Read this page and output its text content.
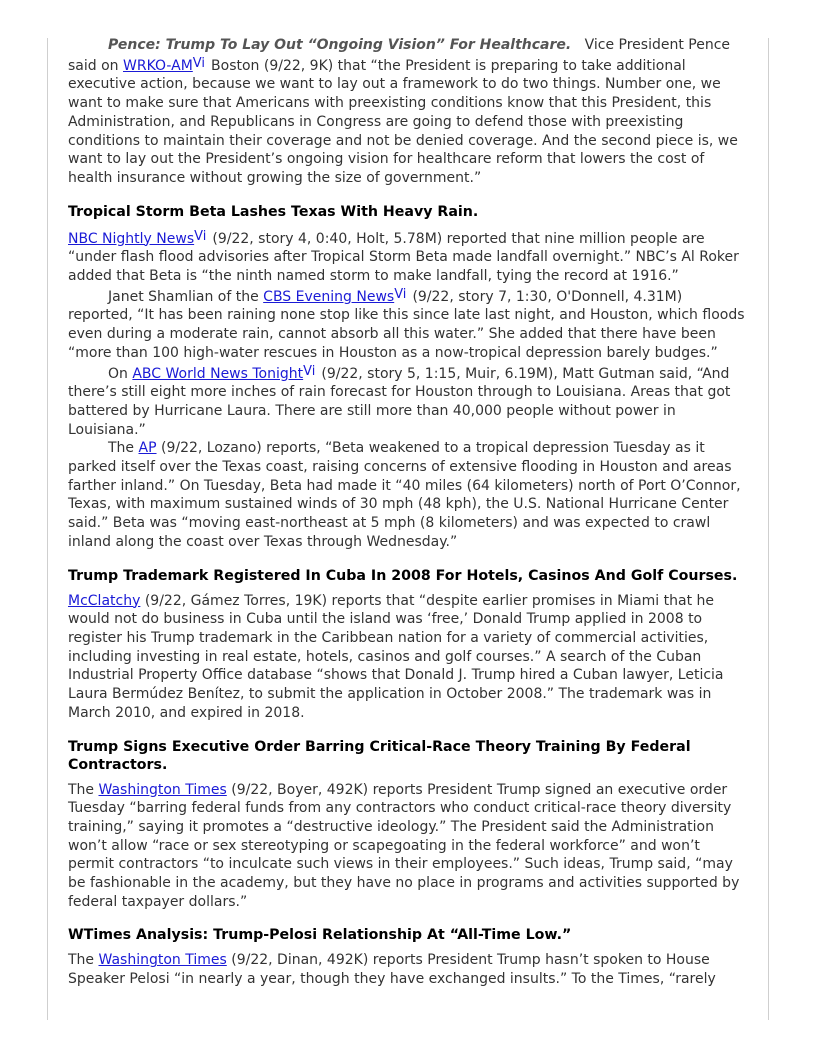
Pence: Trump To Lay Out “Ongoing Vision” For Healthcare. Vice President Pence said on WRKO-AMVi Boston (9/22, 9K) that “the President is preparing to take additional executive action, because we want to lay out a framework to do two things. Number one, we want to make sure that Americans with preexisting conditions know that this President, this Administration, and Republicans in Congress are going to defend those with preexisting conditions to maintain their coverage and not be denied coverage. And the second piece is, we want to lay out the President’s ongoing vision for healthcare reform that lowers the cost of health insurance without growing the size of government.”

Tropical Storm Beta Lashes Texas With Heavy Rain.

NBC Nightly NewsVi (9/22, story 4, 0:40, Holt, 5.78M) reported that nine million people are “under flash flood advisories after Tropical Storm Beta made landfall overnight.” NBC’s Al Roker added that Beta is “the ninth named storm to make landfall, tying the record at 1916.”

Janet Shamlian of the CBS Evening NewsVi (9/22, story 7, 1:30, O'Donnell, 4.31M) reported, “It has been raining none stop like this since late last night, and Houston, which floods even during a moderate rain, cannot absorb all this water.” She added that there have been “more than 100 high-water rescues in Houston as a now-tropical depression barely budges.”

On ABC World News TonightVi (9/22, story 5, 1:15, Muir, 6.19M), Matt Gutman said, “And there’s still eight more inches of rain forecast for Houston through to Louisiana. Areas that got battered by Hurricane Laura. There are still more than 40,000 people without power in Louisiana.”

The AP (9/22, Lozano) reports, “Beta weakened to a tropical depression Tuesday as it parked itself over the Texas coast, raising concerns of extensive flooding in Houston and areas farther inland.” On Tuesday, Beta had made it “40 miles (64 kilometers) north of Port O’Connor, Texas, with maximum sustained winds of 30 mph (48 kph), the U.S. National Hurricane Center said.” Beta was “moving east-northeast at 5 mph (8 kilometers) and was expected to crawl inland along the coast over Texas through Wednesday.”

Trump Trademark Registered In Cuba In 2008 For Hotels, Casinos And Golf Courses.

McClatchy (9/22, Gámez Torres, 19K) reports that “despite earlier promises in Miami that he would not do business in Cuba until the island was ‘free,’ Donald Trump applied in 2008 to register his Trump trademark in the Caribbean nation for a variety of commercial activities, including investing in real estate, hotels, casinos and golf courses.” A search of the Cuban Industrial Property Office database “shows that Donald J. Trump hired a Cuban lawyer, Leticia Laura Bermúdez Benítez, to submit the application in October 2008.” The trademark was in March 2010, and expired in 2018.

Trump Signs Executive Order Barring Critical-Race Theory Training By Federal Contractors.

The Washington Times (9/22, Boyer, 492K) reports President Trump signed an executive order Tuesday “barring federal funds from any contractors who conduct critical-race theory diversity training,” saying it promotes a “destructive ideology.” The President said the Administration won’t allow “race or sex stereotyping or scapegoating in the federal workforce” and won’t permit contractors “to inculcate such views in their employees.” Such ideas, Trump said, “may be fashionable in the academy, but they have no place in programs and activities supported by federal taxpayer dollars.”

WTimes Analysis: Trump-Pelosi Relationship At “All-Time Low.”

The Washington Times (9/22, Dinan, 492K) reports President Trump hasn’t spoken to House Speaker Pelosi “in nearly a year, though they have exchanged insults.” To the Times, “rarely
